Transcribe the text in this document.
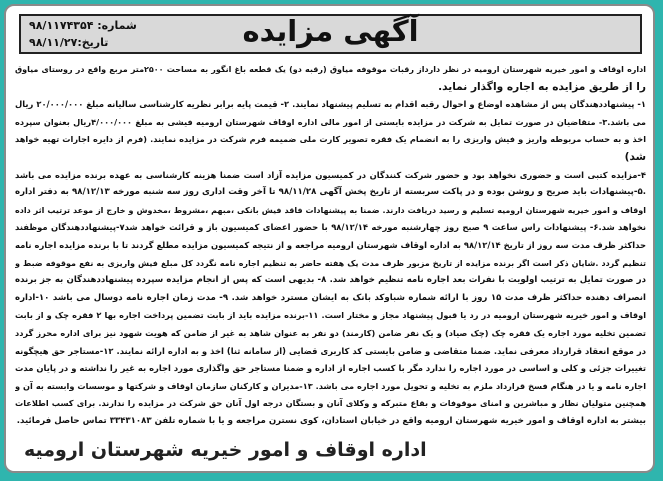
آگهی مزایده
شماره: ۹۸/۱۱۷۴۳۵۴
تاریخ:۹۸/۱۱/۲۷
اداره اوقاف و امور خیریه شهرستان ارومیه در نظر دارداز رقبات موقوفه میاوق (رقبه دو) یک قطعه باغ انگور به مساحت ۲۵۰۰متر مربع واقع در روستای میاوق
را از طریق مزایده به اجاره واگذار نماید.
۱- پیشنهاددهندگان پس از مشاهده اوضاع و احوال رقبه اقدام به تسلیم پیشنهاد نمایند. ۲- قیمت پایه برابر نظریه کارشناسی سالیانه مبلغ ۲۰/۰۰۰/۰۰۰ ریال
می باشد.۳- متقاضیان در صورت تمایل به شرکت در مزایده بایستی از امور مالی اداره اوقاف شهرستان ارومیه فیشی به مبلغ ۴/۰۰۰/۰۰۰ریال بعنوان سپرده
اخذ و به حساب مربوطه واریز و فیش واریزی را به انضمام یک فقره تصویر کارت ملی ضمیمه فرم شرکت در مزایده نمایند. (فرم از دایره اجارات تهیه خواهد
شد)
۴-مزایده کتبی است و حضوری نخواهد بود و حضور شرکت کنندگان در کمیسیون مزایده آزاد است ضمنا هزینه کارشناسی به عهده برنده مزایده می باشد
.۵-پیشنهادات باید صریح و روشن بوده و در پاکت سربسته از تاریخ پخش آگهی ۹۸/۱۱/۲۸ تا آخر وقت اداری روز سه شنبه مورخه ۹۸/۱۲/۱۳ به دفتر اداره
اوقاف و امور خیریه شهرستان ارومیه تسلیم و رسید دریافت دارند. ضمنا به پیشنهادات فاقد فیش بانکی ،مبهم ،مشروط ،مخدوش و خارج از موعد ترتیب اثر داده
نخواهد شد.۶- پیشنهادات راس ساعت ۹ صبح روز چهارشنبه مورخه ۹۸/۱۲/۱۴ با حضور اعضای کمیسیون باز و قرائت خواهد شد۷-پیشنهاددهندگان موظفند
حداکثر ظرف مدت سه روز از تاریخ ۹۸/۱۲/۱۴ به اداره اوقاف شهرستان ارومیه مراجعه و از نتیجه کمیسیون مزایده مطلع گردند تا با برنده مزایده اجاره نامه
تنظیم گردد .شایان ذکر است اگر برنده مزایده از تاریخ مزبور ظرف مدت یک هفته حاضر به تنظیم اجاره نامه نگردد کل مبلغ فیش واریزی به نفع موقوفه ضبط و
در صورت تمایل به ترتیب اولویت با نفرات بعد اجاره نامه تنظیم خواهد شد. ۸- بدیهی است که پس از انجام مزایده سپرده پیشنهاددهندگان به جز برنده
انصراف دهنده حداکثر ظرف مدت ۱۵ روز با ارائه شماره شباوکد بانک به ایشان مسترد خواهد شد. ۹- مدت زمان اجاره نامه دوسال می باشد ۱۰-اداره
اوقاف و امور خیریه شهرستان ارومیه در رد یا قبول پیشنهاد مجاز و مختار است. ۱۱-برنده مزایده باید از بابت تضمین پرداخت اجاره بها ۲ فقره چک و از بابت
تضمین تخلیه مورد اجاره یک فقره چک (چک صیاد) و یک نفر ضامن (کارمند) دو نفر به عنوان شاهد به غیر از ضامن که هویت شهود نیز برای اداره محرز گردد
در موقع انعقاد قرارداد معرفی نماید. ضمنا متقاضی و ضامن بایستی کد کاربری قضایی (از سامانه ثنا) اخذ و به اداره ارائه نمایند. ۱۲-مستاجر حق هیچگونه
تغییرات جزئی و کلی و اساسی در مورد اجاره را ندارد مگر با کسب اجاره از اداره و ضمنا مستاجر حق واگذاری مورد اجاره به غیر را نداشته و در پایان مدت
اجاره نامه و یا در هنگام فسخ قرارداد ملزم به تخلیه و تحویل مورد اجاره می باشد. ۱۳-مدیران و کارکنان سازمان اوقاف و شرکتها و موسسات وابسته به آن و
همچنین متولیان نظار و مباشرین و امنای موقوفات و بقاع متبرکه و وکلای آنان و بستگان درجه اول آنان حق شرکت در مزایده را ندارند. برای کسب اطلاعات
بیشتر به اداره اوقاف و امور خیریه شهرستان ارومیه واقع در خیابان استادان، کوی نسترن مراجعه و یا با شماره تلفن ۳۳۴۳۱۰۸۳ تماس حاصل فرمائید.
اداره اوقاف و امور خیریه شهرستان ارومیه
